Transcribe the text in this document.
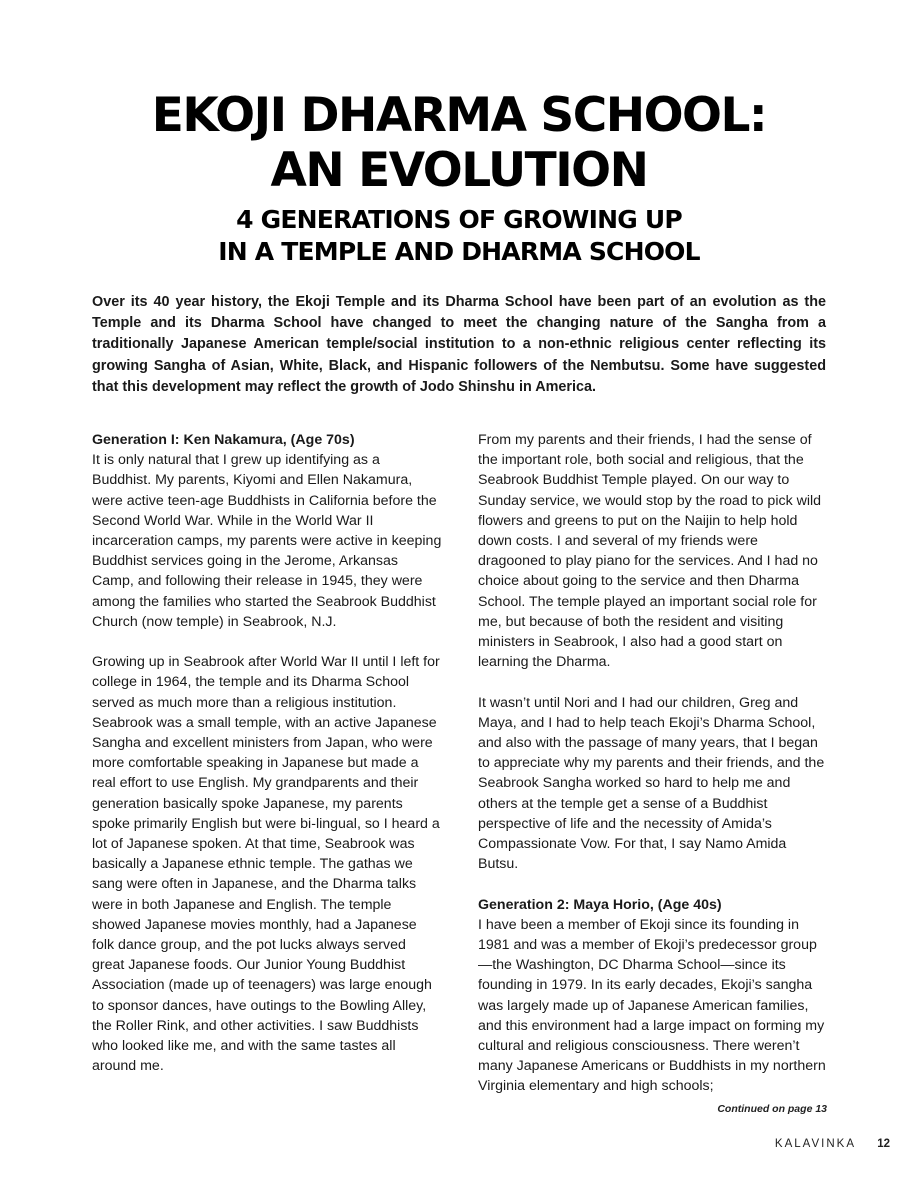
EKOJI DHARMA SCHOOL:
AN EVOLUTION
4 GENERATIONS OF GROWING UP
IN A TEMPLE AND DHARMA SCHOOL
Over its 40 year history, the Ekoji Temple and its Dharma School have been part of an evolution as the Temple and its Dharma School have changed to meet the changing nature of the Sangha from a traditionally Japanese American temple/social institution to a non-ethnic religious center reflecting its growing Sangha of Asian, White, Black, and Hispanic followers of the Nembutsu. Some have suggested that this development may reflect the growth of Jodo Shinshu in America.

Generation I: Ken Nakamura, (Age 70s)
It is only natural that I grew up identifying as a Buddhist. My parents, Kiyomi and Ellen Nakamura, were active teen-age Buddhists in California before the Second World War. While in the World War II incarceration camps, my parents were active in keeping Buddhist services going in the Jerome, Arkansas Camp, and following their release in 1945, they were among the families who started the Seabrook Buddhist Church (now temple) in Seabrook, N.J.

Growing up in Seabrook after World War II until I left for college in 1964, the temple and its Dharma School served as much more than a religious institution. Seabrook was a small temple, with an active Japanese Sangha and excellent ministers from Japan, who were more comfortable speaking in Japanese but made a real effort to use English. My grandparents and their generation basically spoke Japanese, my parents spoke primarily English but were bi-lingual, so I heard a lot of Japanese spoken. At that time, Seabrook was basically a Japanese ethnic temple. The gathas we sang were often in Japanese, and the Dharma talks were in both Japanese and English. The temple showed Japanese movies monthly, had a Japanese folk dance group, and the pot lucks always served great Japanese foods. Our Junior Young Buddhist Association (made up of teenagers) was large enough to sponsor dances, have outings to the Bowling Alley, the Roller Rink, and other activities. I saw Buddhists who looked like me, and with the same tastes all around me.

From my parents and their friends, I had the sense of the important role, both social and religious, that the Seabrook Buddhist Temple played. On our way to Sunday service, we would stop by the road to pick wild flowers and greens to put on the Naijin to help hold down costs. I and several of my friends were dragooned to play piano for the services. And I had no choice about going to the service and then Dharma School. The temple played an important social role for me, but because of both the resident and visiting ministers in Seabrook, I also had a good start on learning the Dharma.

It wasn’t until Nori and I had our children, Greg and Maya, and I had to help teach Ekoji’s Dharma School, and also with the passage of many years, that I began to appreciate why my parents and their friends, and the Seabrook Sangha worked so hard to help me and others at the temple get a sense of a Buddhist perspective of life and the necessity of Amida’s Compassionate Vow. For that, I say Namo Amida Butsu.

Generation 2: Maya Horio, (Age 40s)
I have been a member of Ekoji since its founding in 1981 and was a member of Ekoji’s predecessor group—the Washington, DC Dharma School—since its founding in 1979. In its early decades, Ekoji’s sangha was largely made up of Japanese American families, and this environment had a large impact on forming my cultural and religious consciousness. There weren’t many Japanese Americans or Buddhists in my northern Virginia elementary and high schools;

Continued on page 13
KALAVINKA 12
